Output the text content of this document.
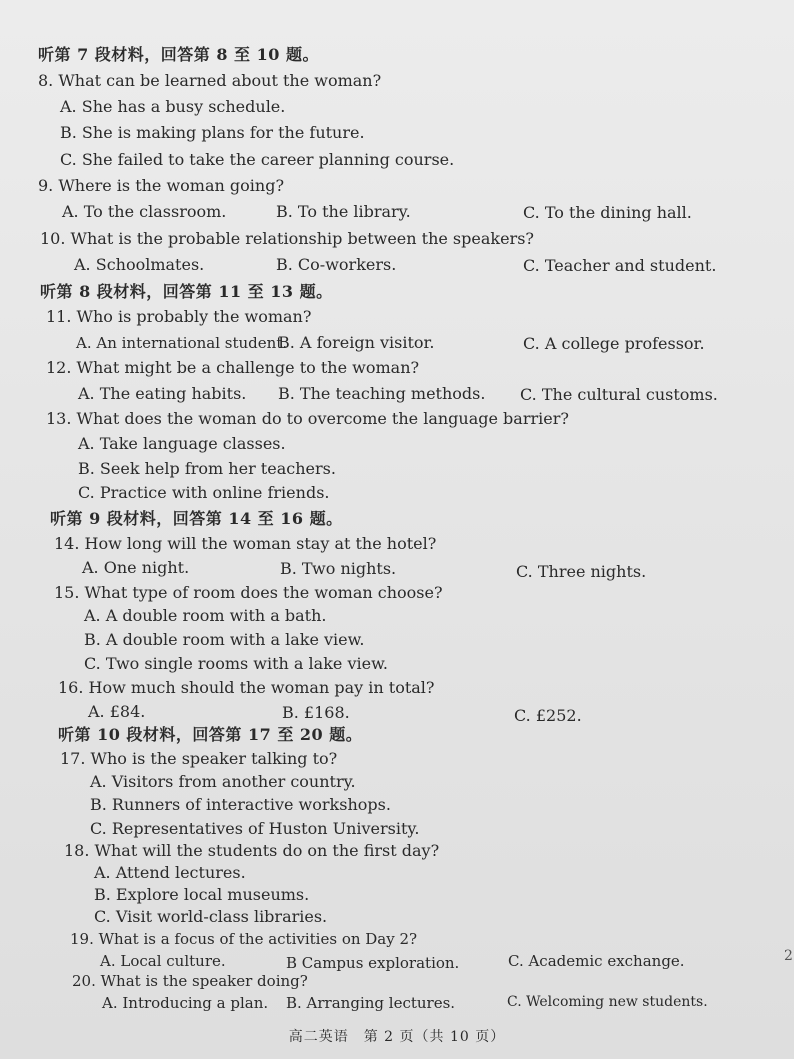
听第 7 段材料，回答第 8 至 10 题。
8. What can be learned about the woman?
A. She has a busy schedule.
B. She is making plans for the future.
C. She failed to take the career planning course.
9. Where is the woman going?
A. To the classroom.	B. To the library.	C. To the dining hall.
10. What is the probable relationship between the speakers?
A. Schoolmates.	B. Co-workers.	C. Teacher and student.
听第 8 段材料，回答第 11 至 13 题。
11. Who is probably the woman?
A. An international student.
B. A foreign visitor.	C. A college professor.
12. What might be a challenge to the woman?
A. The eating habits. B. The teaching methods. C. The cultural customs.
13. What does the woman do to overcome the language barrier?
A. Take language classes.
B. Seek help from her teachers.
C. Practice with online friends.
听第 9 段材料，回答第 14 至 16 题。
14. How long will the woman stay at the hotel?
A. One night.	B. Two nights.	C. Three nights.
15. What type of room does the woman choose?
A. A double room with a bath.
B. A double room with a lake view.
C. Two single rooms with a lake view.
16. How much should the woman pay in total?
A. £84.	B. £168.	C. £252.
听第 10 段材料，回答第 17 至 20 题。
17. Who is the speaker talking to?
A. Visitors from another country.
B. Runners of interactive workshops.
C. Representatives of Huston University.
18. What will the students do on the first day?
A. Attend lectures.
B. Explore local museums.
C. Visit world-class libraries.
19. What is a focus of the activities on Day 2?
A. Local culture.	B Campus exploration.	C. Academic exchange.
20. What is the speaker doing?
A. Introducing a plan. B. Arranging lectures.	C. Welcoming new students.
高二英语　第 2 页（共 10 页）
2
